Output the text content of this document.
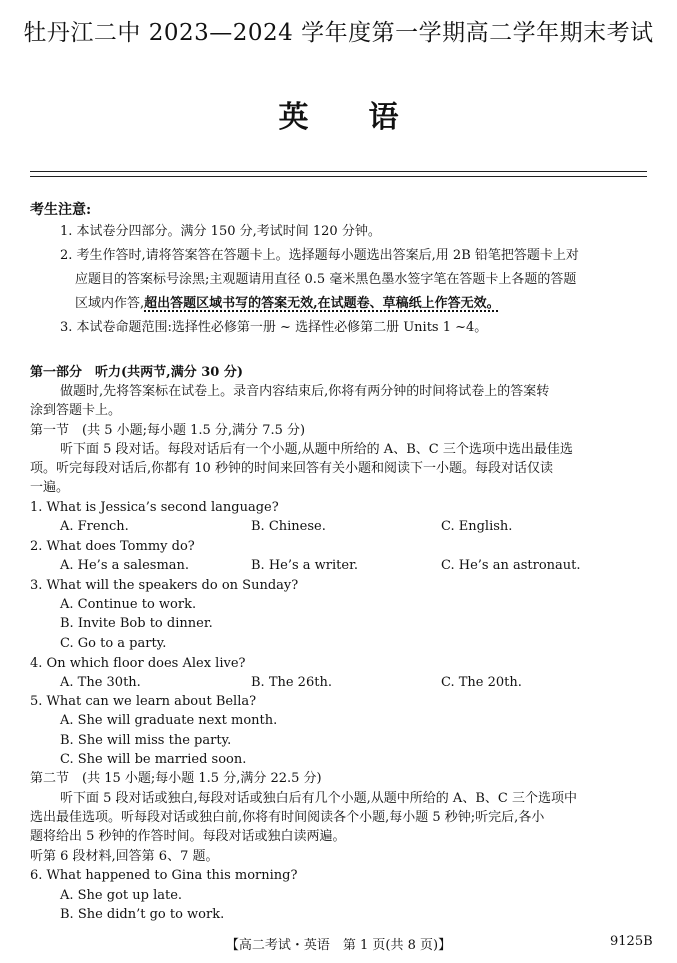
牡丹江二中 2023—2024 学年度第一学期高二学年期末考试
英语
考生注意:
1. 本试卷分四部分。满分 150 分,考试时间 120 分钟。
2. 考生作答时,请将答案答在答题卡上。选择题每小题选出答案后,用 2B 铅笔把答题卡上对
应题目的答案标号涂黑;主观题请用直径 0.5 毫米黑色墨水签字笔在答题卡上各题的答题
区域内作答,超出答题区域书写的答案无效,在试题卷、草稿纸上作答无效。
3. 本试卷命题范围:选择性必修第一册 ~ 选择性必修第二册 Units 1 ~4。
第一部分　听力(共两节,满分 30 分)
做题时,先将答案标在试卷上。录音内容结束后,你将有两分钟的时间将试卷上的答案转
涂到答题卡上。
第一节　(共 5 小题;每小题 1.5 分,满分 7.5 分)
听下面 5 段对话。每段对话后有一个小题,从题中所给的 A、B、C 三个选项中选出最佳选
项。听完每段对话后,你都有 10 秒钟的时间来回答有关小题和阅读下一小题。每段对话仅读
一遍。
1. What is Jessica’s second language?
A. French.	B. Chinese.	C. English.
2. What does Tommy do?
A. He’s a salesman.	B. He’s a writer.	C. He’s an astronaut.
3. What will the speakers do on Sunday?
A. Continue to work.
B. Invite Bob to dinner.
C. Go to a party.
4. On which floor does Alex live?
A. The 30th.	B. The 26th.	C. The 20th.
5. What can we learn about Bella?
A. She will graduate next month.
B. She will miss the party.
C. She will be married soon.
第二节　(共 15 小题;每小题 1.5 分,满分 22.5 分)
听下面 5 段对话或独白,每段对话或独白后有几个小题,从题中所给的 A、B、C 三个选项中
选出最佳选项。听每段对话或独白前,你将有时间阅读各个小题,每小题 5 秒钟;听完后,各小
题将给出 5 秒钟的作答时间。每段对话或独白读两遍。
听第 6 段材料,回答第 6、7 题。
6. What happened to Gina this morning?
A. She got up late.
B. She didn’t go to work.
【高二考试・英语　第 1 页(共 8 页)】	9125B
